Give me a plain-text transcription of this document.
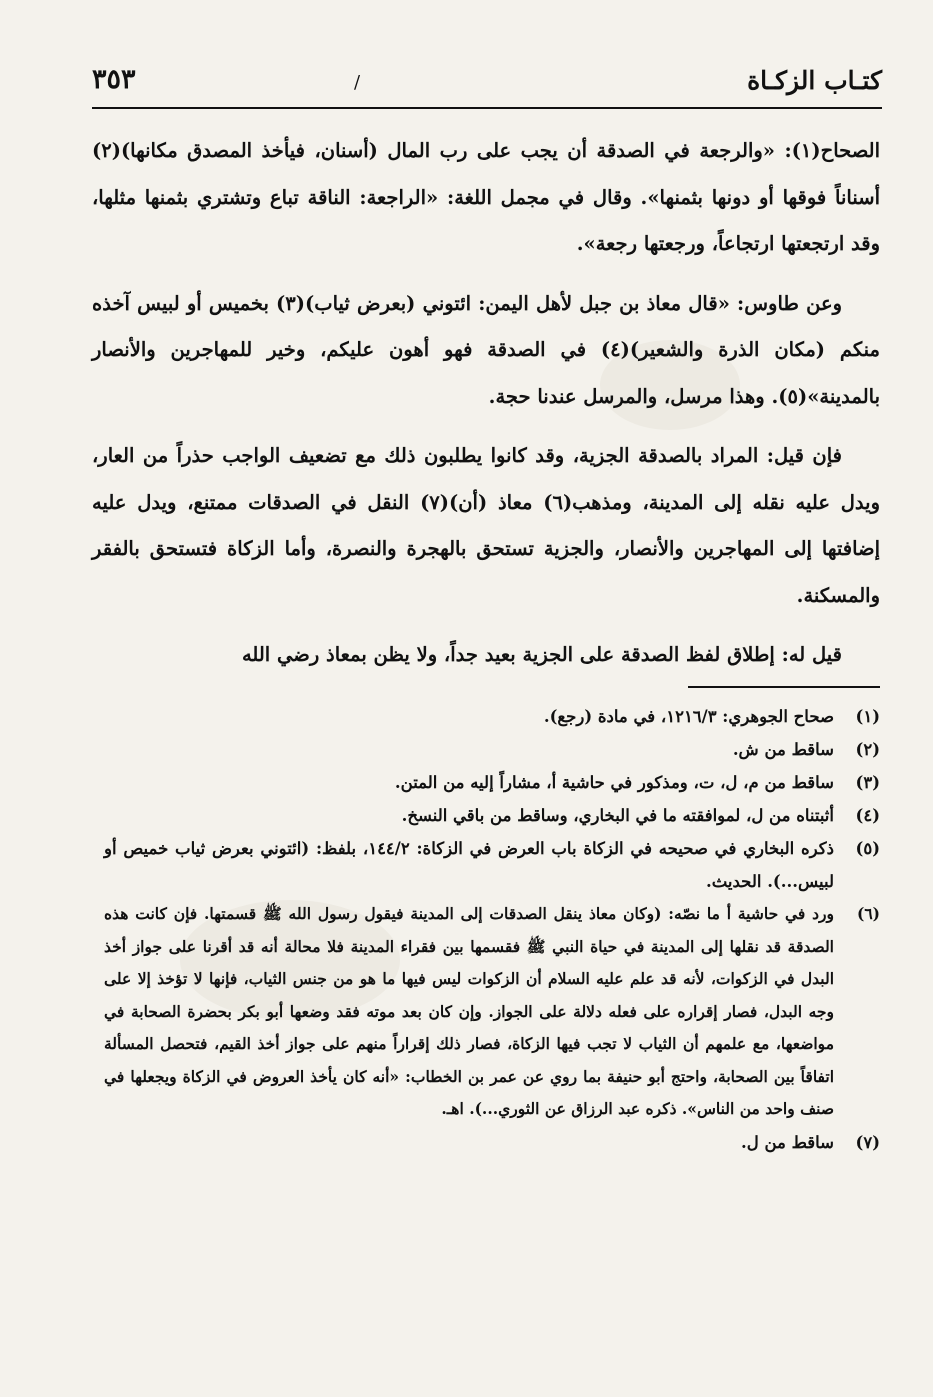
كتـاب الزكـاة
/
٣٥٣

الصحاح(١): «والرجعة في الصدقة أن يجب على رب المال (أسنان، فيأخذ المصدق مكانها)(٢) أسناناً فوقها أو دونها بثمنها». وقال في مجمل اللغة: «الراجعة: الناقة تباع وتشتري بثمنها مثلها، وقد ارتجعتها ارتجاعاً، ورجعتها رجعة».

وعن طاوس: «قال معاذ بن جبل لأهل اليمن: ائتوني (بعرض ثياب)(٣) بخميس أو لبيس آخذه منكم (مكان الذرة والشعير)(٤) في الصدقة فهو أهون عليكم، وخير للمهاجرين والأنصار بالمدينة»(٥). وهذا مرسل، والمرسل عندنا حجة.

فإن قيل: المراد بالصدقة الجزية، وقد كانوا يطلبون ذلك مع تضعيف الواجب حذراً من العار، ويدل عليه نقله إلى المدينة، ومذهب(٦) معاذ (أن)(٧) النقل في الصدقات ممتنع، ويدل عليه إضافتها إلى المهاجرين والأنصار، والجزية تستحق بالهجرة والنصرة، وأما الزكاة فتستحق بالفقر والمسكنة.

قيل له: إطلاق لفظ الصدقة على الجزية بعيد جداً، ولا يظن بمعاذ رضي الله

(١)
صحاح الجوهري: ١٢١٦/٣، في مادة (رجع).
(٢)
ساقط من ش.
(٣)
ساقط من م، ل، ت، ومذكور في حاشية أ، مشاراً إليه من المتن.
(٤)
أثبتناه من ل، لموافقته ما في البخاري، وساقط من باقي النسخ.
(٥)
ذكره البخاري في صحيحه في الزكاة باب العرض في الزكاة: ١٤٤/٢، بلفظ: (ائتوني بعرض ثياب خميص أو لبيس...). الحديث.
(٦)
ورد في حاشية أ ما نصّه: (وكان معاذ ينقل الصدقات إلى المدينة فيقول رسول الله ﷺ قسمتها. فإن كانت هذه الصدقة قد نقلها إلى المدينة في حياة النبي ﷺ فقسمها بين فقراء المدينة فلا محالة أنه قد أقرنا على جواز أخذ البدل في الزكوات، لأنه قد علم عليه السلام أن الزكوات ليس فيها ما هو من جنس الثياب، فإنها لا تؤخذ إلا على وجه البدل، فصار إقراره على فعله دلالة على الجواز. وإن كان بعد موته فقد وضعها أبو بكر بحضرة الصحابة في مواضعها، مع علمهم أن الثياب لا تجب فيها الزكاة، فصار ذلك إقراراً منهم على جواز أخذ القيم، فتحصل المسألة اتفاقاً بين الصحابة، واحتج أبو حنيفة بما روي عن عمر بن الخطاب: «أنه كان يأخذ العروض في الزكاة ويجعلها في صنف واحد من الناس». ذكره عبد الرزاق عن الثوري...). اهـ.
(٧)
ساقط من ل.
